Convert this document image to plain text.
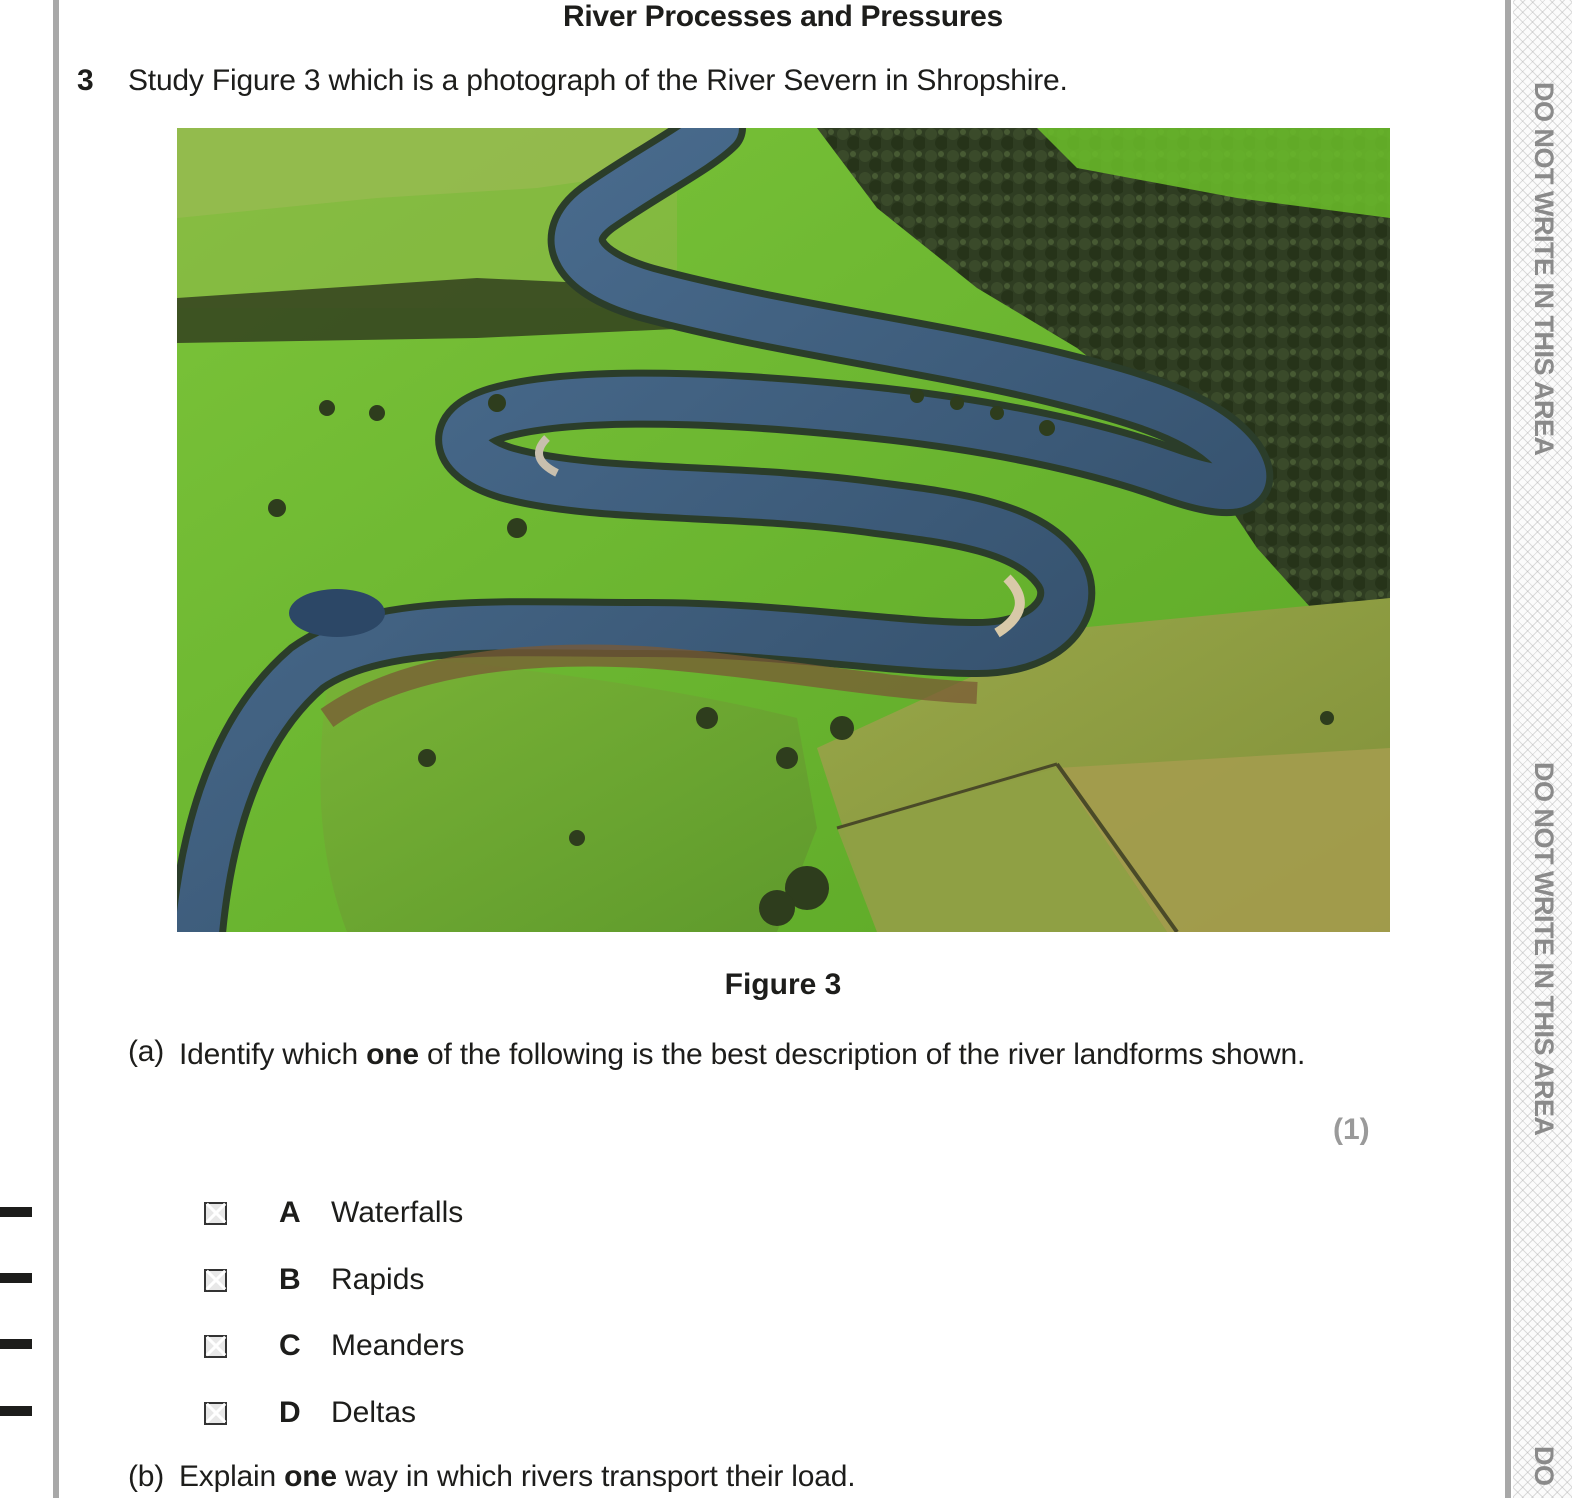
DO NOT WRITE IN THIS AREA
DO NOT WRITE IN THIS AREA
DO
River Processes and Pressures
3 Study Figure 3 which is a photograph of the River Severn in Shropshire.
Figure 3
(a) Identify which one of the following is the best description of the river landforms shown.
(1)
A	Waterfalls
B	Rapids
C	Meanders
D	Deltas
(b) Explain one way in which rivers transport their load.
